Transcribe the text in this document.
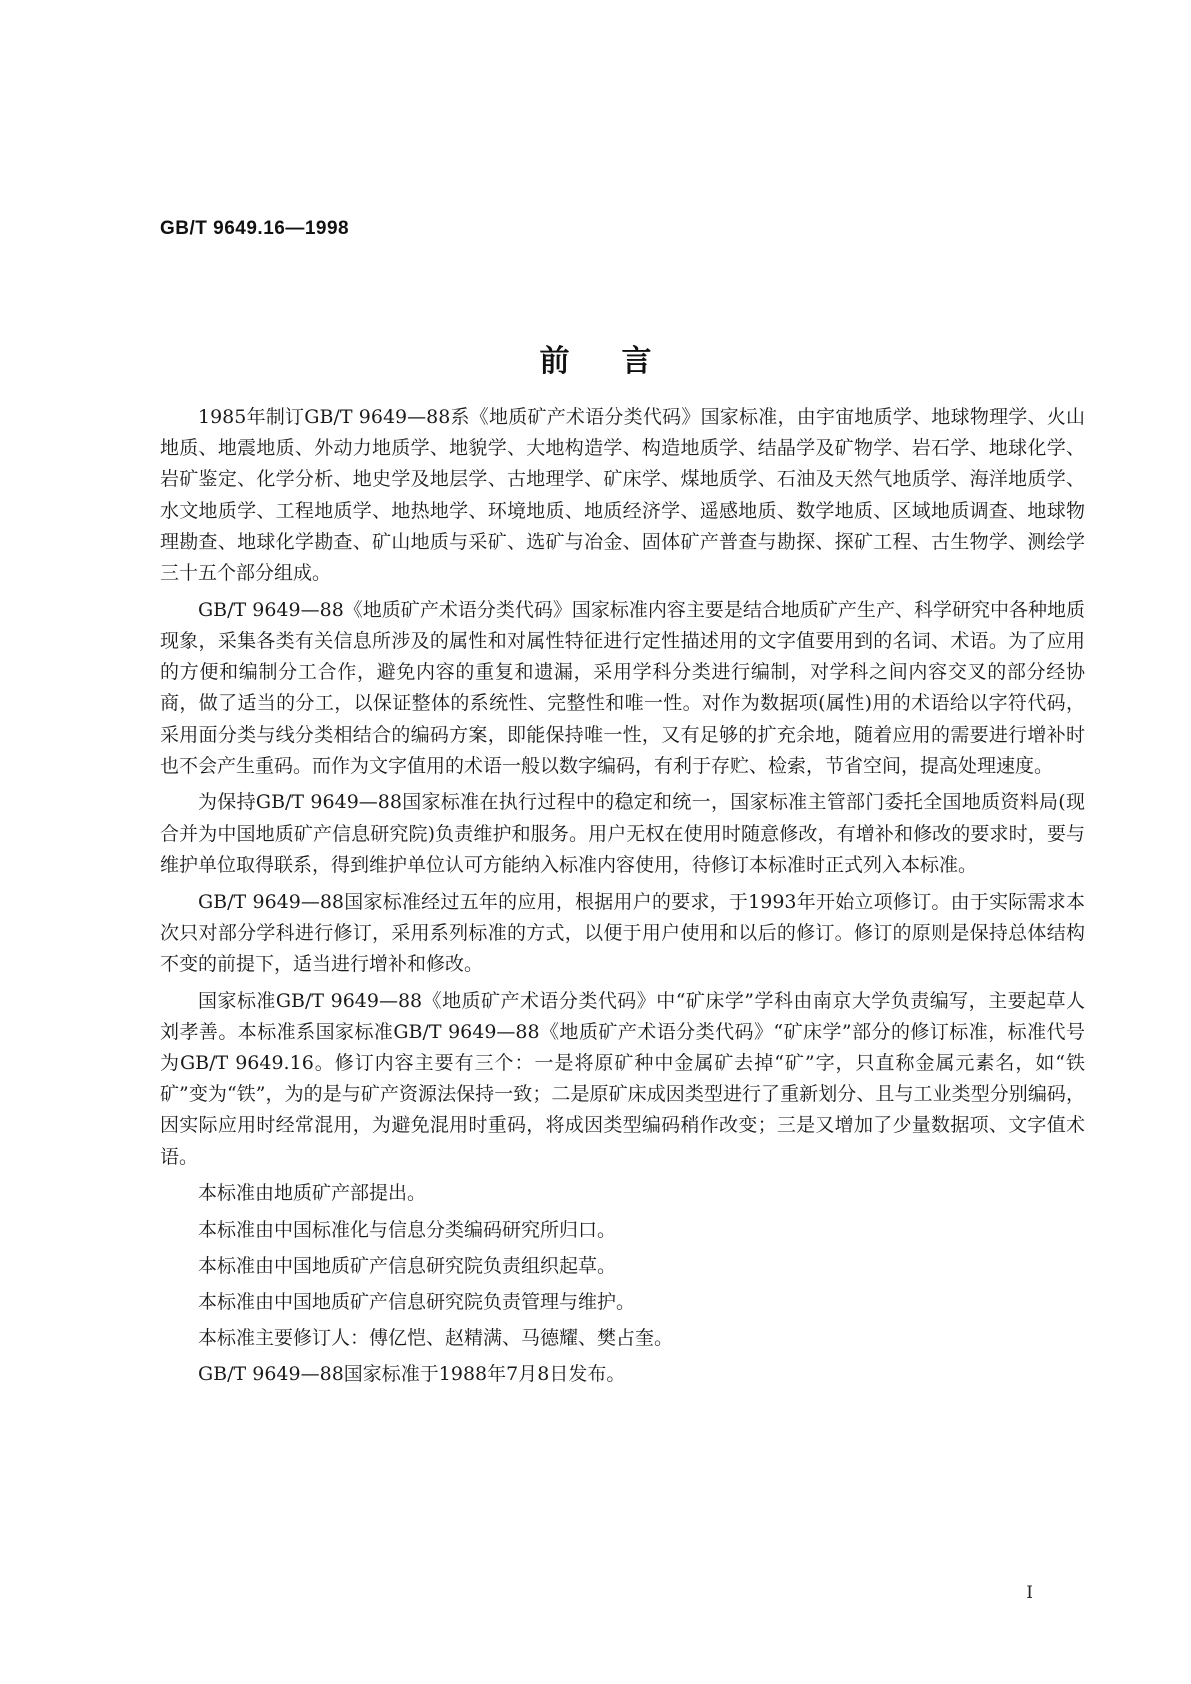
GB/T 9649.16—1998
前言

1985年制订GB/T 9649—88系《地质矿产术语分类代码》国家标准，由宇宙地质学、地球物理学、火山地质、地震地质、外动力地质学、地貌学、大地构造学、构造地质学、结晶学及矿物学、岩石学、地球化学、岩矿鉴定、化学分析、地史学及地层学、古地理学、矿床学、煤地质学、石油及天然气地质学、海洋地质学、水文地质学、工程地质学、地热地学、环境地质、地质经济学、遥感地质、数学地质、区域地质调查、地球物理勘查、地球化学勘查、矿山地质与采矿、选矿与冶金、固体矿产普查与勘探、探矿工程、古生物学、测绘学三十五个部分组成。

GB/T 9649—88《地质矿产术语分类代码》国家标准内容主要是结合地质矿产生产、科学研究中各种地质现象，采集各类有关信息所涉及的属性和对属性特征进行定性描述用的文字值要用到的名词、术语。为了应用的方便和编制分工合作，避免内容的重复和遗漏，采用学科分类进行编制，对学科之间内容交叉的部分经协商，做了适当的分工，以保证整体的系统性、完整性和唯一性。对作为数据项(属性)用的术语给以字符代码，采用面分类与线分类相结合的编码方案，即能保持唯一性，又有足够的扩充余地，随着应用的需要进行增补时也不会产生重码。而作为文字值用的术语一般以数字编码，有利于存贮、检索，节省空间，提高处理速度。

为保持GB/T 9649—88国家标准在执行过程中的稳定和统一，国家标准主管部门委托全国地质资料局(现合并为中国地质矿产信息研究院)负责维护和服务。用户无权在使用时随意修改，有增补和修改的要求时，要与维护单位取得联系，得到维护单位认可方能纳入标准内容使用，待修订本标准时正式列入本标准。

GB/T 9649—88国家标准经过五年的应用，根据用户的要求，于1993年开始立项修订。由于实际需求本次只对部分学科进行修订，采用系列标准的方式，以便于用户使用和以后的修订。修订的原则是保持总体结构不变的前提下，适当进行增补和修改。

国家标准GB/T 9649—88《地质矿产术语分类代码》中“矿床学”学科由南京大学负责编写，主要起草人刘孝善。本标准系国家标准GB/T 9649—88《地质矿产术语分类代码》“矿床学”部分的修订标准，标准代号为GB/T 9649.16。修订内容主要有三个：一是将原矿种中金属矿去掉“矿”字，只直称金属元素名，如“铁矿”变为“铁”，为的是与矿产资源法保持一致；二是原矿床成因类型进行了重新划分、且与工业类型分别编码，因实际应用时经常混用，为避免混用时重码，将成因类型编码稍作改变；三是又增加了少量数据项、文字值术语。

本标准由地质矿产部提出。

本标准由中国标准化与信息分类编码研究所归口。

本标准由中国地质矿产信息研究院负责组织起草。

本标准由中国地质矿产信息研究院负责管理与维护。

本标准主要修订人：傅亿恺、赵精满、马德耀、樊占奎。

GB/T 9649—88国家标准于1988年7月8日发布。

I
